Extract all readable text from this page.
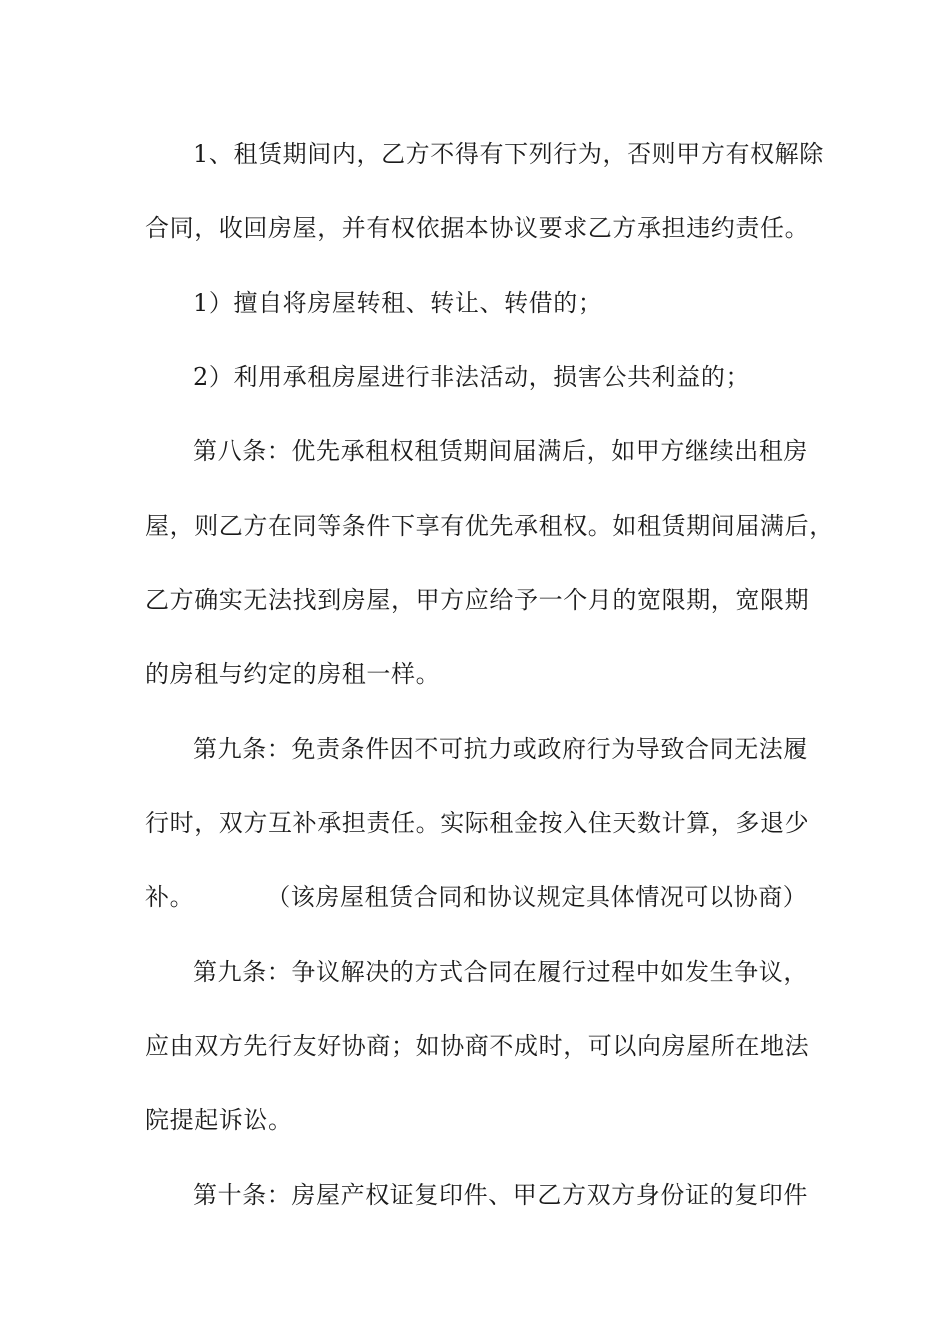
1、租赁期间内，乙方不得有下列行为，否则甲方有权解除
合同，收回房屋，并有权依据本协议要求乙方承担违约责任。
1）擅自将房屋转租、转让、转借的；
2）利用承租房屋进行非法活动，损害公共利益的；
第八条：优先承租权租赁期间届满后，如甲方继续出租房
屋，则乙方在同等条件下享有优先承租权。如租赁期间届满后，
乙方确实无法找到房屋，甲方应给予一个月的宽限期，宽限期
的房租与约定的房租一样。
第九条：免责条件因不可抗力或政府行为导致合同无法履
行时，双方互补承担责任。实际租金按入住天数计算，多退少
补。	（该房屋租赁合同和协议规定具体情况可以协商）
第九条：争议解决的方式合同在履行过程中如发生争议，
应由双方先行友好协商；如协商不成时，可以向房屋所在地法
院提起诉讼。
第十条：房屋产权证复印件、甲乙方双方身份证的复印件
